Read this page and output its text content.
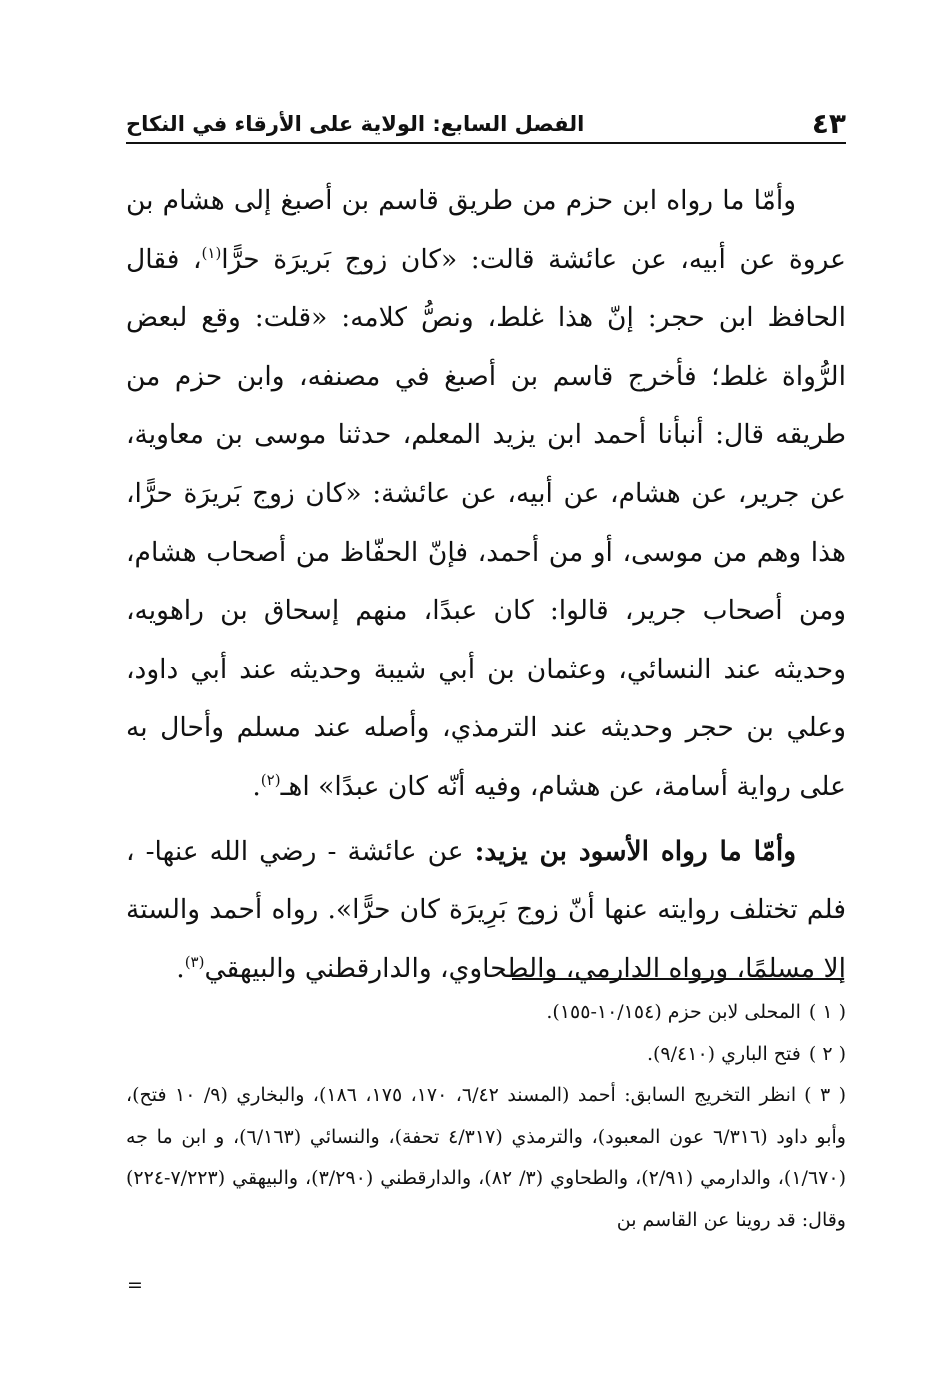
الفصل السابع: الولاية على الأرقاء في النكاح	٤٣

وأمّا ما رواه ابن حزم من طريق قاسم بن أصبغ إلى هشام بن عروة عن أبيه، عن عائشة قالت: «كان زوج بَريرَة حرًّا$^{(١)}$، فقال الحافظ ابن حجر: إنّ هذا غلط، ونصُّ كلامه: «قلت: وقع لبعض الرُّواة غلط؛ فأخرج قاسم بن أصبغ في مصنفه، وابن حزم من طريقه قال: أنبأنا أحمد ابن يزيد المعلم، حدثنا موسى بن معاوية، عن جرير، عن هشام، عن أبيه، عن عائشة: «كان زوج بَريرَة حرًّا، هذا وهم من موسى، أو من أحمد، فإنّ الحفّاظ من أصحاب هشام، ومن أصحاب جرير، قالوا: كان عبدًا، منهم إسحاق بن راهويه، وحديثه عند النسائي، وعثمان بن أبي شيبة وحديثه عند أبي داود، وعلي بن حجر وحديثه عند الترمذي، وأصله عند مسلم وأحال به على رواية أسامة، عن هشام، وفيه أنّه كان عبدًا» اهـ$^{(٢)}$.

وأمّا ما رواه الأسود بن يزيد: عن عائشة - رضي الله عنها- ، فلم تختلف روايته عنها أنّ زوج بَرِيرَة كان حرًّا». رواه أحمد والستة إلا مسلمًا، ورواه الدارمي، والطحاوي، والدارقطني والبيهقي$^{(٣)}$.

( ١ )المحلى لابن حزم (١٠/١٥٤-١٥٥).

( ٢ )فتح الباري (٩/٤١٠).

( ٣ )انظر التخريج السابق: أحمد (المسند ٦/٤٢، ١٧٠، ١٧٥، ١٨٦)، والبخاري (٩/ ١٠ فتح)، وأبو داود (٦/٣١٦ عون المعبود)، والترمذي (٤/٣١٧ تحفة)، والنسائي (٦/١٦٣)، و ابن ما جه (١/٦٧٠)، والدارمي (٢/٩١)، والطحاوي (٣/ ٨٢)، والدارقطني (٣/٢٩٠)، والبيهقي (٧/٢٢٣-٢٢٤) وقال: قد روينا عن القاسم بن

=
